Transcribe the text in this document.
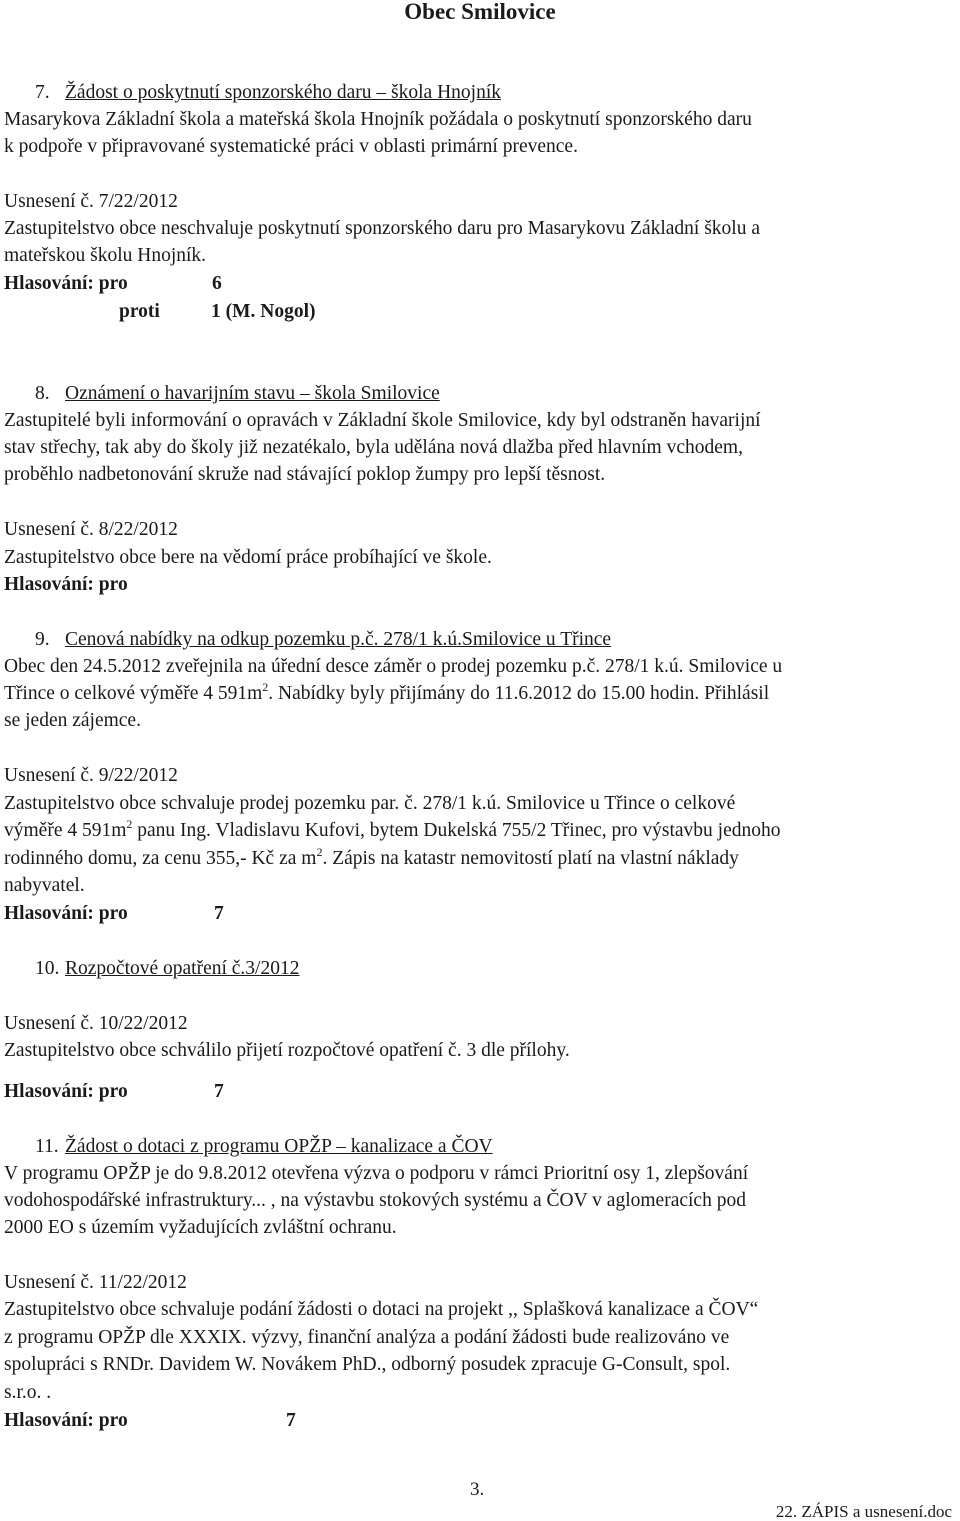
Obec Smilovice
7. Žádost o poskytnutí sponzorského daru – škola Hnojník
Masarykova Základní škola a mateřská škola Hnojník požádala o poskytnutí sponzorského daru
k podpoře v připravované systematické práci v oblasti primární prevence.
Usnesení č. 7/22/2012
Zastupitelstvo obce neschvaluje poskytnutí sponzorského daru pro Masarykovu Základní školu a
mateřskou školu Hnojník.
Hlasování: pro	6
proti	1 (M. Nogol)
8. Oznámení o havarijním stavu – škola Smilovice
Zastupitelé byli informování o opravách v Základní škole Smilovice, kdy byl odstraněn havarijní
stav střechy, tak aby do školy již nezatékalo, byla udělána nová dlažba před hlavním vchodem,
proběhlo nadbetonování skruže nad stávající poklop žumpy pro lepší těsnost.
Usnesení č. 8/22/2012
Zastupitelstvo obce bere na vědomí práce probíhající ve škole.
Hlasování: pro
9. Cenová nabídky na odkup pozemku p.č. 278/1 k.ú.Smilovice u Třince
Obec den 24.5.2012 zveřejnila na úřední desce záměr o prodej pozemku p.č. 278/1 k.ú. Smilovice u
Třince o celkové výměře 4 $591m^2$. Nabídky byly přijímány do 11.6.2012 do 15.00 hodin. Přihlásil
se jeden zájemce.
Usnesení č. 9/22/2012
Zastupitelstvo obce schvaluje prodej pozemku par. č. 278/1 k.ú. Smilovice u Třince o celkové
výměře 4 $591m^2$ panu Ing. Vladislavu Kufovi, bytem Dukelská 755/2 Třinec, pro výstavbu jednoho
rodinného domu, za cenu 355,- Kč za $m^2$. Zápis na katastr nemovitostí platí na vlastní náklady
nabyvatel.
Hlasování: pro	7
10. Rozpočtové opatření č.3/2012
Usnesení č. 10/22/2012
Zastupitelstvo obce schválilo přijetí rozpočtové opatření č. 3 dle přílohy.
Hlasování: pro	7
11. Žádost o dotaci z programu OPŽP – kanalizace a ČOV
V programu OPŽP je do 9.8.2012 otevřena výzva o podporu v rámci Prioritní osy 1, zlepšování
vodohospodářské infrastruktury... , na výstavbu stokových systému a ČOV v aglomeracích pod
2000 EO s územím vyžadujících zvláštní ochranu.
Usnesení č. 11/22/2012
Zastupitelstvo obce schvaluje podání žádosti o dotaci na projekt ,, Splašková kanalizace a ČOV“
z programu OPŽP dle XXXIX. výzvy, finanční analýza a podání žádosti bude realizováno ve
spolupráci s RNDr. Davidem W. Novákem PhD., odborný posudek zpracuje G-Consult, spol.
s.r.o. .
Hlasování: pro	7
3.
22. ZÁPIS a usnesení.doc
